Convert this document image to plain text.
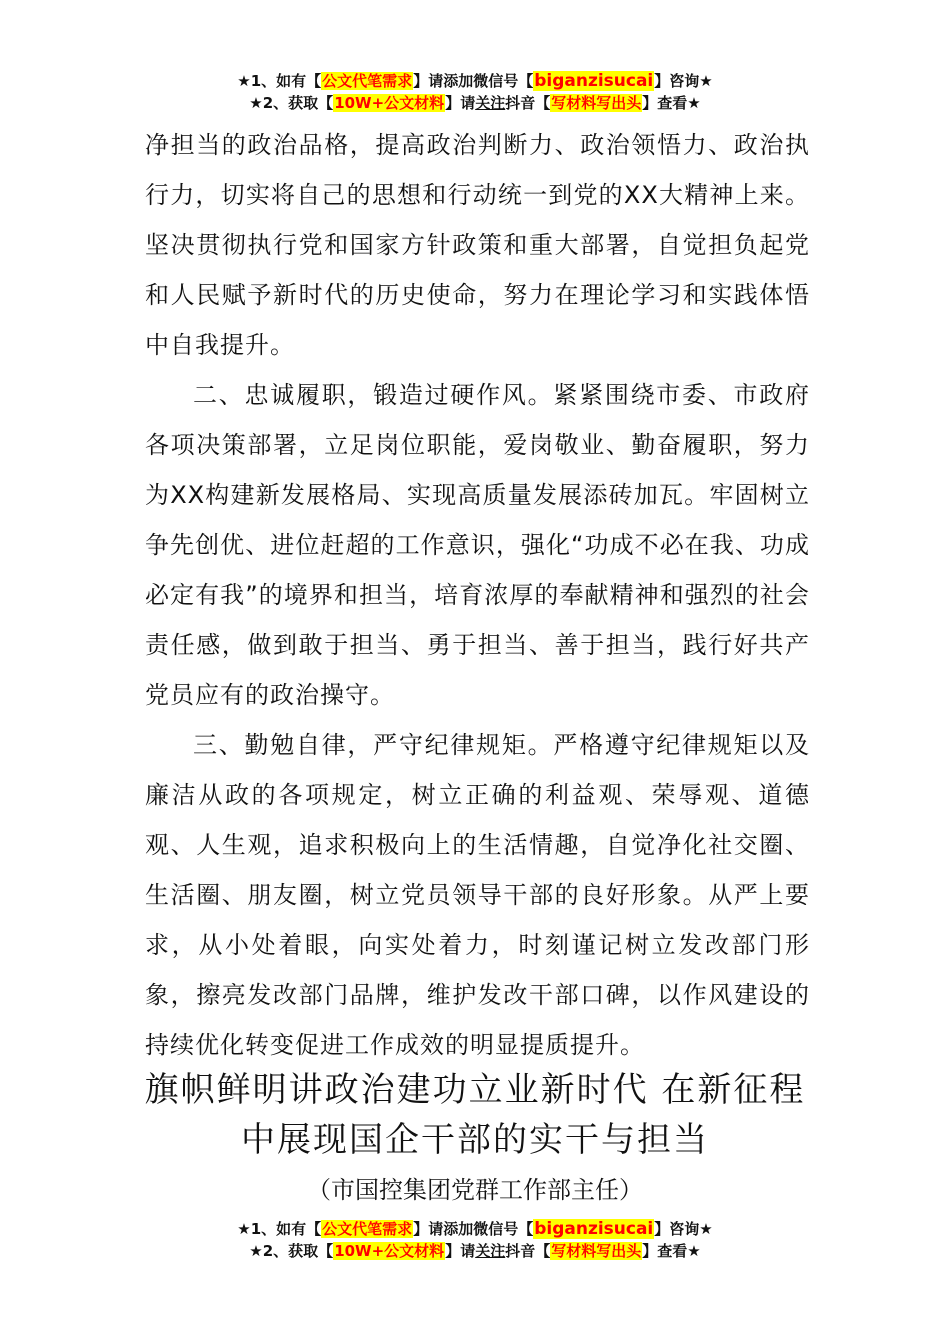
★1、如有【公文代笔需求】请添加微信号【biganzisucai】咨询★
★2、获取【10W+公文材料】请关注抖音【写材料写出头】查看★

净担当的政治品格，提高政治判断力、政治领悟力、政治执行力，切实将自己的思想和行动统一到党的XX大精神上来。坚决贯彻执行党和国家方针政策和重大部署，自觉担负起党和人民赋予新时代的历史使命，努力在理论学习和实践体悟中自我提升。

二、忠诚履职，锻造过硬作风。紧紧围绕市委、市政府各项决策部署，立足岗位职能，爱岗敬业、勤奋履职，努力为XX构建新发展格局、实现高质量发展添砖加瓦。牢固树立争先创优、进位赶超的工作意识，强化“功成不必在我、功成必定有我”的境界和担当，培育浓厚的奉献精神和强烈的社会责任感，做到敢于担当、勇于担当、善于担当，践行好共产党员应有的政治操守。

三、勤勉自律，严守纪律规矩。严格遵守纪律规矩以及廉洁从政的各项规定，树立正确的利益观、荣辱观、道德观、人生观，追求积极向上的生活情趣，自觉净化社交圈、生活圈、朋友圈，树立党员领导干部的良好形象。从严上要求，从小处着眼，向实处着力，时刻谨记树立发改部门形象，擦亮发改部门品牌，维护发改干部口碑，以作风建设的持续优化转变促进工作成效的明显提质提升。

旗帜鲜明讲政治建功立业新时代 在新征程
中展现国企干部的实干与担当
（市国控集团党群工作部主任）
★1、如有【公文代笔需求】请添加微信号【biganzisucai】咨询★
★2、获取【10W+公文材料】请关注抖音【写材料写出头】查看★
